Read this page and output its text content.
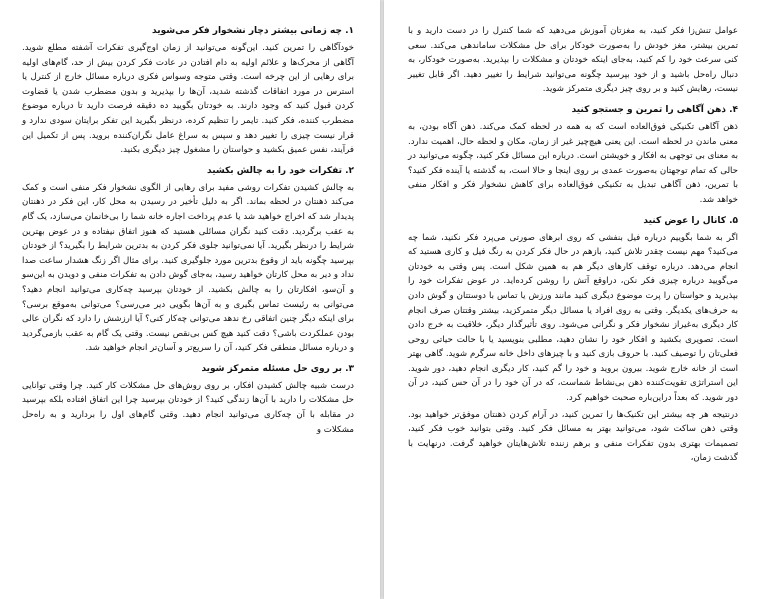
۱. چه زمانی بیشتر دچار نشخوار فکر می‌شوید

خودآگاهی را تمرین کنید. این‌گونه می‌توانید از زمان اوج‌گیری تفکرات آشفته مطلع شوید. آگاهی از محرک‌ها و علائم اولیه به دام افتادن در عادت فکر کردن بیش از حد، گام‌های اولیه برای رهایی از این چرخه است. وقتی متوجه وسواس فکری درباره مسائل خارج از کنترل یا استرس در مورد اتفاقات گذشته شدید، آن‌ها را بپذیرید و بدون مضطرب شدن یا قضاوت کردن قبول کنید که وجود دارند. به خودتان بگویید ده دقیقه فرصت دارید تا درباره موضوع مضطرب کننده، فکر کنید. تایمر را تنظیم کرده، درنظر بگیرید این تفکر برایتان سودی ندارد و قرار نیست چیزی را تغییر دهد و سپس به سراغ عامل نگران‌کننده بروید. پس از تکمیل این فرآیند، نفس عمیق بکشید و حواستان را مشغول چیز دیگری بکنید.

۲. تفکرات خود را به چالش بکشید

به چالش کشیدن تفکرات روشی مفید برای رهایی از الگوی نشخوار فکر منفی است و کمک می‌کند ذهنتان در لحظه بماند. اگر به دلیل تأخیر در رسیدن به محل کار، این فکر در ذهنتان پدیدار شد که اخراج خواهید شد یا عدم پرداخت اجاره خانه شما را بی‌خانمان می‌سازد، یک گام به عقب برگردید. دقت کنید نگران مسائلی هستید که هنوز اتفاق نیفتاده و در عوض بهترین شرایط را درنظر بگیرید. آیا نمی‌توانید جلوی فکر کردن به بدترین شرایط را بگیرید؟ از خودتان بپرسید چگونه باید از وقوع بدترین مورد جلوگیری کنید. برای مثال اگر زنگ هشدار ساعت صدا نداد و دیر به محل کارتان خواهید رسید، به‌جای گوش دادن به تفکرات منفی و دویدن به این‌سو و آن‌سو، افکارتان را به چالش بکشید. از خودتان بپرسید چه‌کاری می‌توانید انجام دهید؟ می‌توانی به رئیست تماس بگیری و به آن‌ها بگویی دیر می‌رسی؟ می‌توانی به‌موقع برسی؟ برای اینکه دیگر چنین اتفاقی رخ ندهد می‌توانی چه‌کار کنی؟ آیا ارزشش را دارد که نگران عالی بودن عملکردت باشی؟ دقت کنید هیچ کس بی‌نقص نیست. وقتی یک گام به عقب بازمی‌گردید و درباره مسائل منطقی فکر کنید، آن را سریع‌تر و آسان‌تر انجام خواهید شد.

۳. بر روی حل مسئله متمرکز شوید

درست شبیه چالش کشیدن افکار، بر روی روش‌های حل مشکلات کار کنید. چرا وقتی توانایی حل مشکلات را دارید با آن‌ها زندگی کنید؟ از خودتان بپرسید چرا این اتفاق افتاده بلکه بپرسید در مقابله با آن چه‌کاری می‌توانید انجام دهید. وقتی گام‌های اول را بردارید و به راه‌حل مشکلات و

عوامل تنش‌زا فکر کنید، به مغزتان آموزش می‌دهید که شما کنترل را در دست دارید و با تمرین بیشتر، مغز خودش را به‌صورت خودکار برای حل مشکلات ساماندهی می‌کند. سعی کنی سرعت خود را کم کنید، به‌جای اینکه خودتان و مشکلات را بپذیرید. به‌صورت خودکار، به دنبال راه‌حل باشید و از خود بپرسید چگونه می‌توانید شرایط را تغییر دهید. اگر قابل تغییر نیست، رهایش کنید و بر روی چیز دیگری متمرکز شوید.

۴. ذهن آگاهی را تمرین و جستجو کنید

ذهن آگاهی تکنیکی فوق‌العاده است که به همه در لحظه کمک می‌کند. ذهن آگاه بودن، به معنی ماندن در لحظه است. این یعنی هیچ‌چیز غیر از زمان، مکان و لحظه حال، اهمیت ندارد. به معنای بی توجهی به افکار و خویشتن است. درباره این مسائل فکر کنید، چگونه می‌توانید در حالی که تمام توجهتان به‌صورت عمدی بر روی اینجا و حالا است، به گذشته یا آینده فکر کنید؟ با تمرین، ذهن آگاهی تبدیل به تکنیکی فوق‌العاده برای کاهش نشخوار فکر و افکار منفی خواهد شد.

۵. کانال را عوض کنید

اگر به شما بگوییم درباره فیل بنفشی که روی ابرهای صورتی می‌پرد فکر نکنید، شما چه می‌کنید؟ مهم نیست چقدر تلاش کنید، بازهم در حال فکر کردن به رنگ فیل و کاری هستید که انجام می‌دهد. درباره توقف کارهای دیگر هم به همین شکل است. پس وقتی به خودتان می‌گویید درباره چیزی فکر نکن، دراوقع آتش را روشن کرده‌اید. در عوض تفکرات خود را بپذیرید و حواستان را پرت موضوع دیگری کنید مانند ورزش یا تماس با دوستتان و گوش دادن به حرف‌های یکدیگر. وقتی به روی افراد یا مسائل دیگر متمرکزید، بیشتر وقتتان صرف انجام کار دیگری به‌غیراز نشخوار فکر و نگرانی می‌شود. روی تأثیرگذار دیگر، خلاقیت به خرج دادن است. تصویری بکشید و افکار خود را نشان دهید، مطلبی بنویسید یا با حالت حیاتی روحی فعلی‌تان را توصیف کنید. با حروف بازی کنید و با چیزهای داخل خانه سرگرم شوید. گاهی بهتر است از خانه خارج شوید. بیرون بروید و خود را گم کنید، کار دیگری انجام دهید، دور شوید. این استراتژی تقویت‌کننده ذهن بی‌نشاط شماست، که در آن خود را در آن حس کنید، در آن دور شوید. که بعداً دراین‌باره صحبت خواهیم کرد.

درنتیجه هر چه بیشتر این تکنیک‌ها را تمرین کنید، در آرام کردن ذهنتان موفق‌تر خواهید بود. وقتی ذهن ساکت شود، می‌توانید بهتر به مسائل فکر کنید. وقتی بتوانید خوب فکر کنید، تصمیمات بهتری بدون تفکرات منفی و برهم زننده تلاش‌هایتان خواهید گرفت. درنهایت با گذشت زمان،
